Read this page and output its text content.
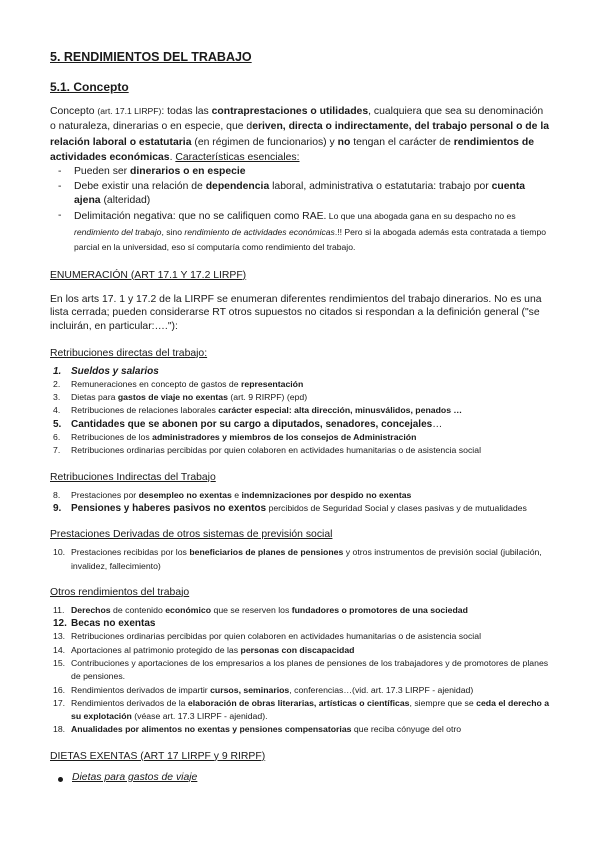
5. RENDIMIENTOS DEL TRABAJO
5.1. Concepto

Concepto (art. 17.1 LIRPF): todas las contraprestaciones o utilidades, cualquiera que sea su denominación o naturaleza, dinerarias o en especie, que deriven, directa o indirectamente, del trabajo personal o de la relación laboral o estatutaria (en régimen de funcionarios) y no tengan el carácter de rendimientos de actividades económicas. Características esenciales:

- Pueden ser dinerarios o en especie
- Debe existir una relación de dependencia laboral, administrativa o estatutaria: trabajo por cuenta ajena (alteridad)
- Delimitación negativa: que no se califiquen como RAE. Lo que una abogada gana en su despacho no es rendimiento del trabajo, sino rendimiento de actividades económicas.!! Pero si la abogada además esta contratada a tiempo parcial en la universidad, eso sí computaría como rendimiento del trabajo.
ENUMERACIÓN (ART 17.1 Y 17.2 LIRPF)

En los arts 17. 1 y 17.2 de la LIRPF se enumeran diferentes rendimientos del trabajo dinerarios. No es una lista cerrada; pueden considerarse RT otros supuestos no citados si respondan a la definición general ("se incluirán, en particular:…."):

Retribuciones directas del trabajo:
1. Sueldos y salarios
2. Remuneraciones en concepto de gastos de representación
3. Dietas para gastos de viaje no exentas (art. 9 RIRPF) (epd)
4. Retribuciones de relaciones laborales carácter especial: alta dirección, minusválidos, penados …
5. Cantidades que se abonen por su cargo a diputados, senadores, concejales…
6. Retribuciones de los administradores y miembros de los consejos de Administración
7. Retribuciones ordinarias percibidas por quien colaboren en actividades humanitarias o de asistencia social
Retribuciones Indirectas del Trabajo
8. Prestaciones por desempleo no exentas e indemnizaciones por despido no exentas
9. Pensiones y haberes pasivos no exentos percibidos de Seguridad Social y clases pasivas y de mutualidades
Prestaciones Derivadas de otros sistemas de previsión social
10. Prestaciones recibidas por los beneficiarios de planes de pensiones y otros instrumentos de previsión social (jubilación, invalidez, fallecimiento)
Otros rendimientos del trabajo
11. Derechos de contenido económico que se reserven los fundadores o promotores de una sociedad
12. Becas no exentas
13. Retribuciones ordinarias percibidas por quien colaboren en actividades humanitarias o de asistencia social
14. Aportaciones al patrimonio protegido de las personas con discapacidad
15. Contribuciones y aportaciones de los empresarios a los planes de pensiones de los trabajadores y de promotores de planes de pensiones.
16. Rendimientos derivados de impartir cursos, seminarios, conferencias…(vid. art. 17.3 LIRPF - ajenidad)
17. Rendimientos derivados de la elaboración de obras literarias, artísticas o científicas, siempre que se ceda el derecho a su explotación (véase art. 17.3 LIRPF - ajenidad).
18. Anualidades por alimentos no exentas y pensiones compensatorias que reciba cónyuge del otro
DIETAS EXENTAS (ART 17 LIRPF y 9 RIRPF)
Dietas para gastos de viaje
